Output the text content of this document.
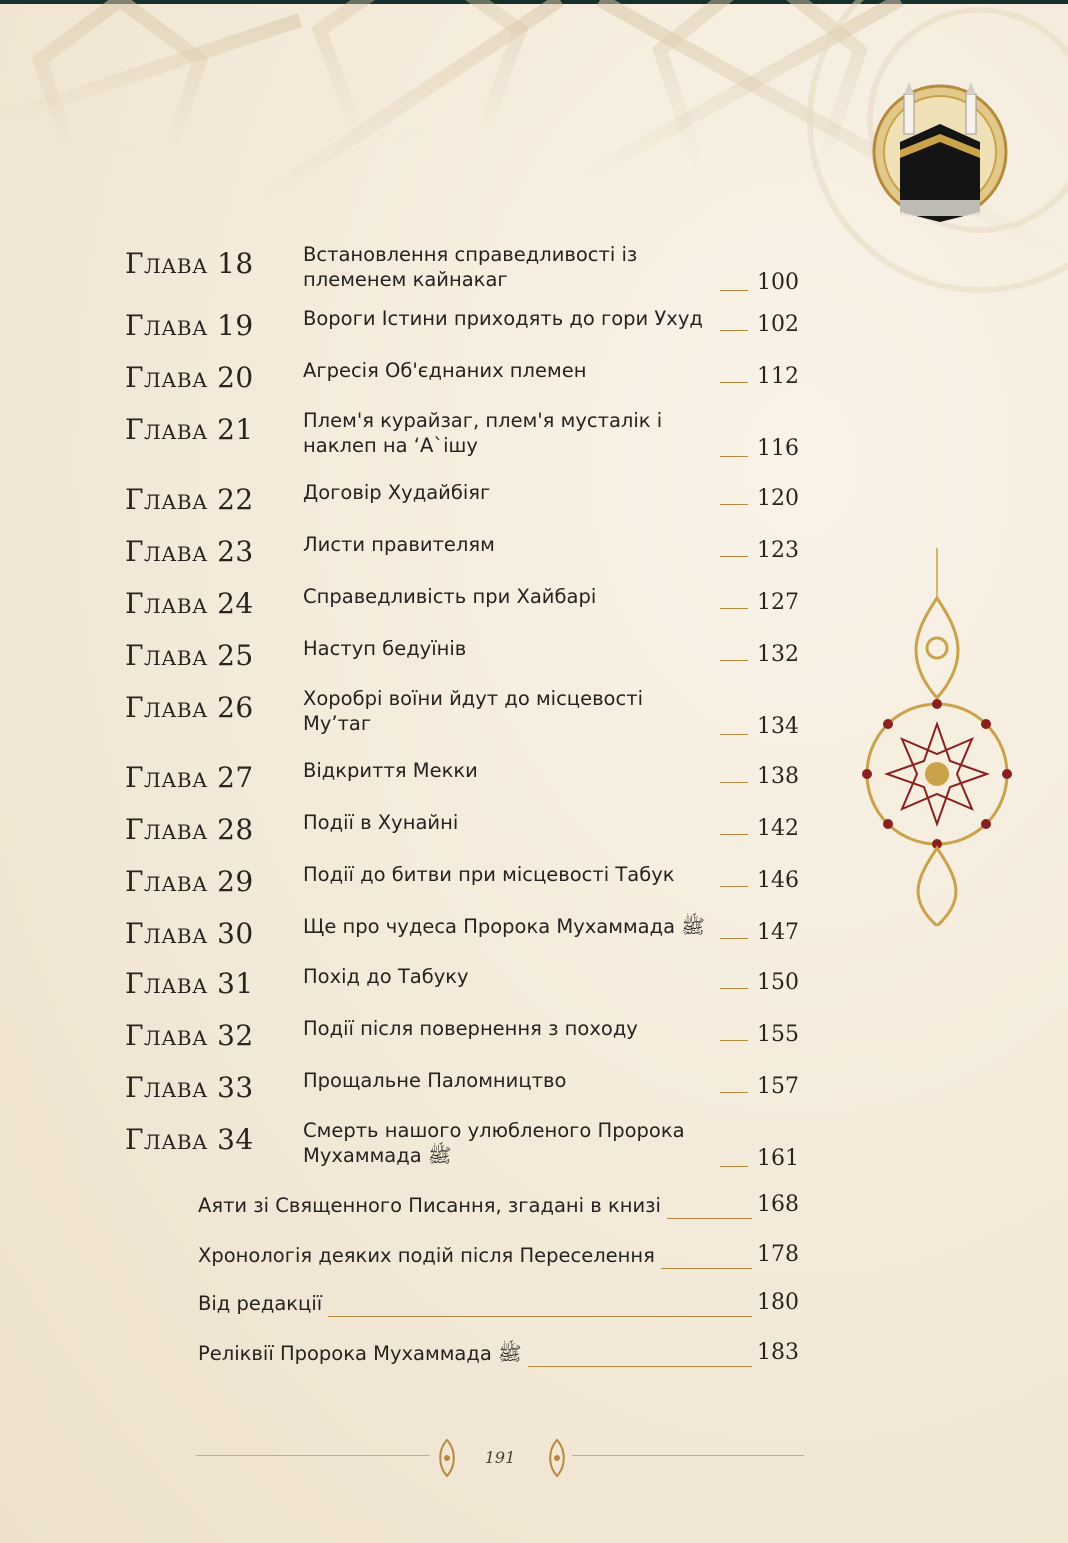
Глава 18	Встановлення справедливості із
племенем кайнакаг	100
Глава 19	Вороги Істини приходять до гори Ухуд	102
Глава 20	Агресія Об'єднаних племен	112
Глава 21	Плем'я курайзаг, плем'я мусталік і
наклеп на ‘А`ішу	116
Глава 22	Договір Худайбіяг	120
Глава 23	Листи правителям	123
Глава 24	Справедливість при Хайбарі	127
Глава 25	Наступ бедуїнів	132
Глава 26	Хоробрі воїни йдут до місцевості
Му’таг	134
Глава 27	Відкриття Мекки	138
Глава 28	Події в Хунайні	142
Глава 29	Події до битви при місцевості Табук	146
Глава 30	Ще про чудеса Пророка Мухаммада ﷺ	147
Глава 31	Похід до Табуку	150
Глава 32	Події після повернення з походу	155
Глава 33	Прощальне Паломництво	157
Глава 34	Смерть нашого улюбленого Пророка
Мухаммада ﷺ	161
Аяти зі Священного Писання, згадані в книзі	168
Хронологія деяких подій після Переселення	178
Від редакції	180
Реліквії Пророка Мухаммада ﷺ	183
191
